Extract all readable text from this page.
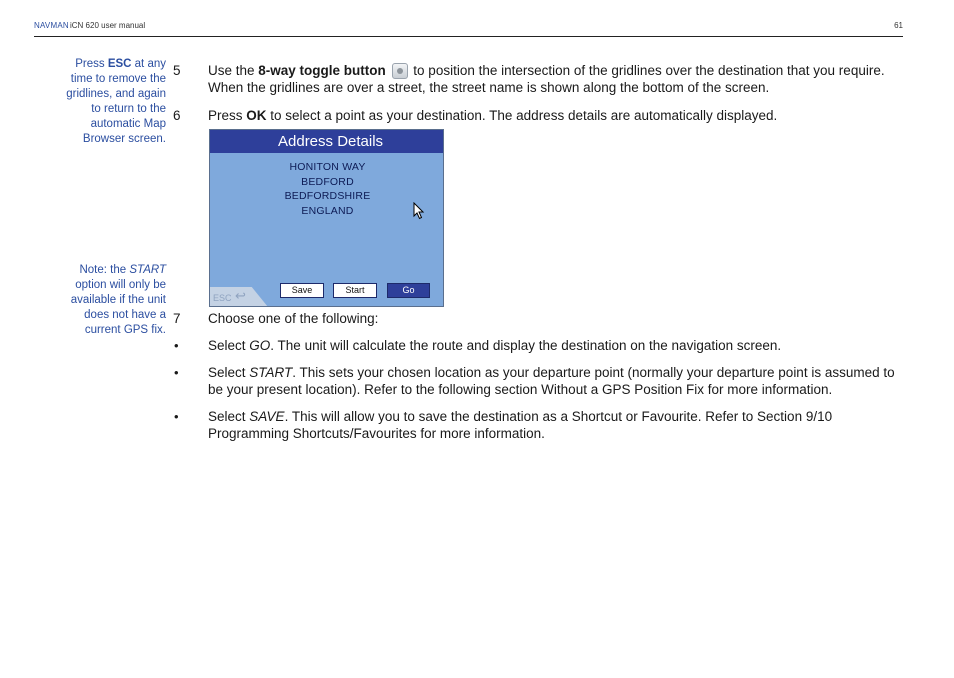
NAVMAN iCN 620 user manual	61
Press ESC at any time to remove the gridlines, and again to return to the automatic Map Browser screen.
Note: the START option will only be available if the unit does not have a current GPS fix.
5 Use the 8-way toggle button  to position the intersection of the gridlines over the destination that you require. When the gridlines are over a street, the street name is shown along the bottom of the screen.
6 Press OK to select a point as your destination. The address details are automatically displayed.
Address Details
HONITON WAY
BEDFORD
BEDFORDSHIRE
ENGLAND
ESC ↩	Save	Start	Go
7 Choose one of the following:
• Select GO. The unit will calculate the route and display the destination on the navigation screen.
• Select START. This sets your chosen location as your departure point (normally your departure point is assumed to be your present location). Refer to the following section Without a GPS Position Fix for more information.
• Select SAVE. This will allow you to save the destination as a Shortcut or Favourite. Refer to Section 9/10 Programming Shortcuts/Favourites for more information.
